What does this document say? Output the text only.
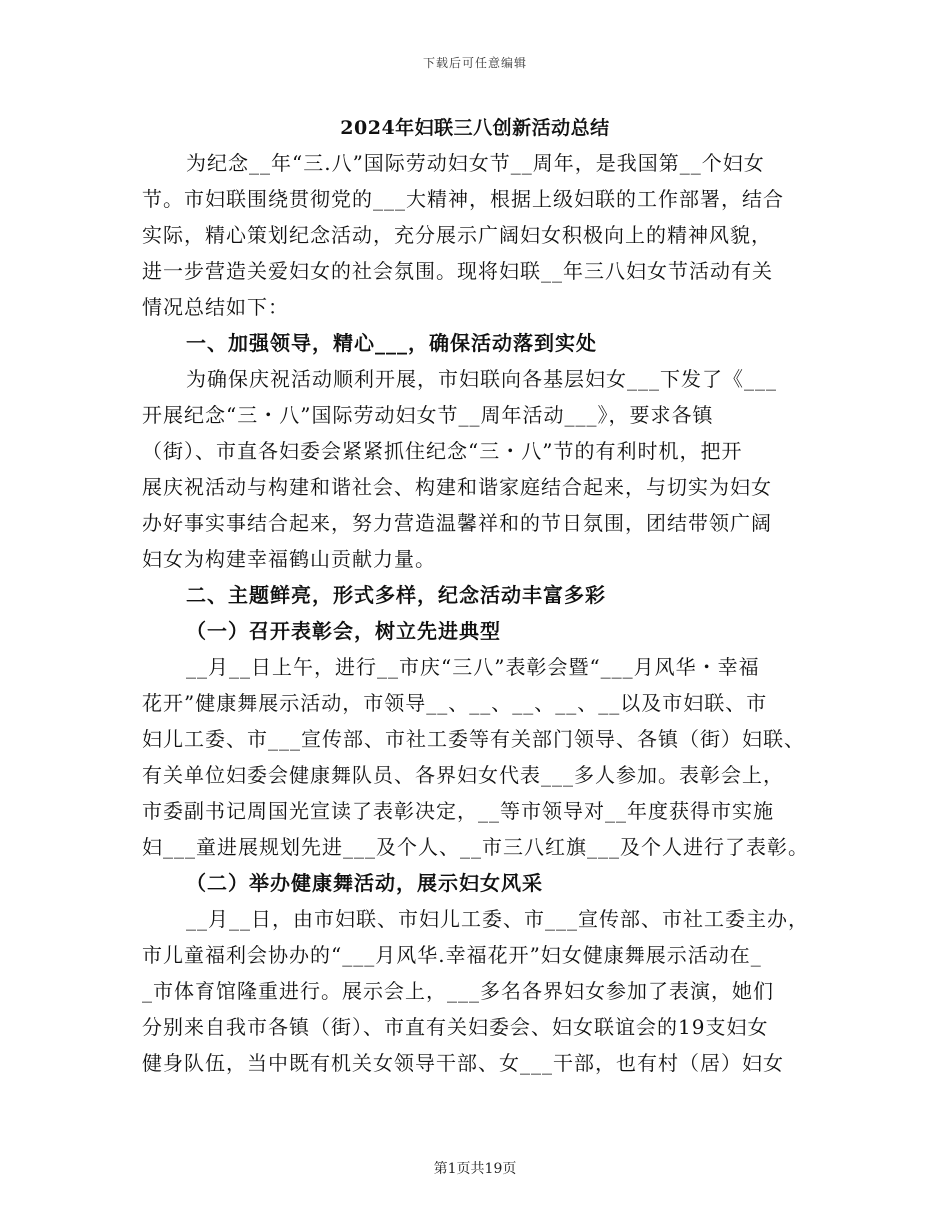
下载后可任意编辑
2024年妇联三八创新活动总结
为纪念__年“三.八”国际劳动妇女节__周年，是我国第__个妇女
节。市妇联围绕贯彻党的___大精神，根据上级妇联的工作部署，结合
实际，精心策划纪念活动，充分展示广阔妇女积极向上的精神风貌，
进一步营造关爱妇女的社会氛围。现将妇联__年三八妇女节活动有关
情况总结如下：
一、加强领导，精心___，确保活动落到实处
为确保庆祝活动顺利开展，市妇联向各基层妇女___下发了《___
开展纪念“三・八”国际劳动妇女节__周年活动___》，要求各镇
（街）、市直各妇委会紧紧抓住纪念“三・八”节的有利时机，把开
展庆祝活动与构建和谐社会、构建和谐家庭结合起来，与切实为妇女
办好事实事结合起来，努力营造温馨祥和的节日氛围，团结带领广阔
妇女为构建幸福鹤山贡献力量。
二、主题鲜亮，形式多样，纪念活动丰富多彩
（一）召开表彰会，树立先进典型
__月__日上午，进行__市庆“三八”表彰会暨“___月风华・幸福
花开”健康舞展示活动，市领导__、__、__、__、__以及市妇联、市
妇儿工委、市___宣传部、市社工委等有关部门领导、各镇（街）妇联、
有关单位妇委会健康舞队员、各界妇女代表___多人参加。表彰会上，
市委副书记周国光宣读了表彰决定，__等市领导对__年度获得市实施
妇___童进展规划先进___及个人、__市三八红旗___及个人进行了表彰。
（二）举办健康舞活动，展示妇女风采
__月__日，由市妇联、市妇儿工委、市___宣传部、市社工委主办，
市儿童福利会协办的“___月风华.幸福花开”妇女健康舞展示活动在_
_市体育馆隆重进行。展示会上，___多名各界妇女参加了表演，她们
分别来自我市各镇（街）、市直有关妇委会、妇女联谊会的19支妇女
健身队伍，当中既有机关女领导干部、女___干部，也有村（居）妇女
第1页共19页
